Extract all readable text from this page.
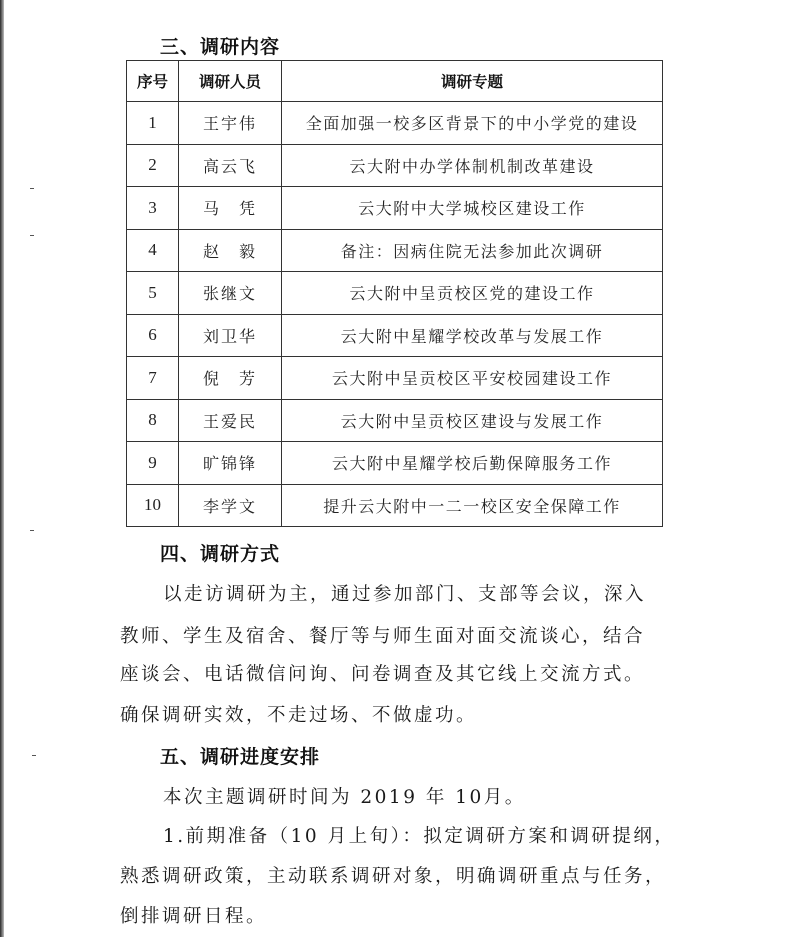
三、调研内容
序号	调研人员	调研专题
1	王宇伟	全面加强一校多区背景下的中小学党的建设
2	高云飞	云大附中办学体制机制改革建设
3	马　凭	云大附中大学城校区建设工作
4	赵　毅	备注：因病住院无法参加此次调研
5	张继文	云大附中呈贡校区党的建设工作
6	刘卫华	云大附中星耀学校改革与发展工作
7	倪　芳	云大附中呈贡校区平安校园建设工作
8	王爱民	云大附中呈贡校区建设与发展工作
9	旷锦锋	云大附中星耀学校后勤保障服务工作
10	李学文	提升云大附中一二一校区安全保障工作
四、调研方式

以走访调研为主，通过参加部门、支部等会议，深入

教师、学生及宿舍、餐厅等与师生面对面交流谈心，结合

座谈会、电话微信问询、问卷调查及其它线上交流方式。

确保调研实效，不走过场、不做虚功。

五、调研进度安排

本次主题调研时间为 2019 年 10月。

1.前期准备（10 月上旬）：拟定调研方案和调研提纲，

熟悉调研政策，主动联系调研对象，明确调研重点与任务，

倒排调研日程。
